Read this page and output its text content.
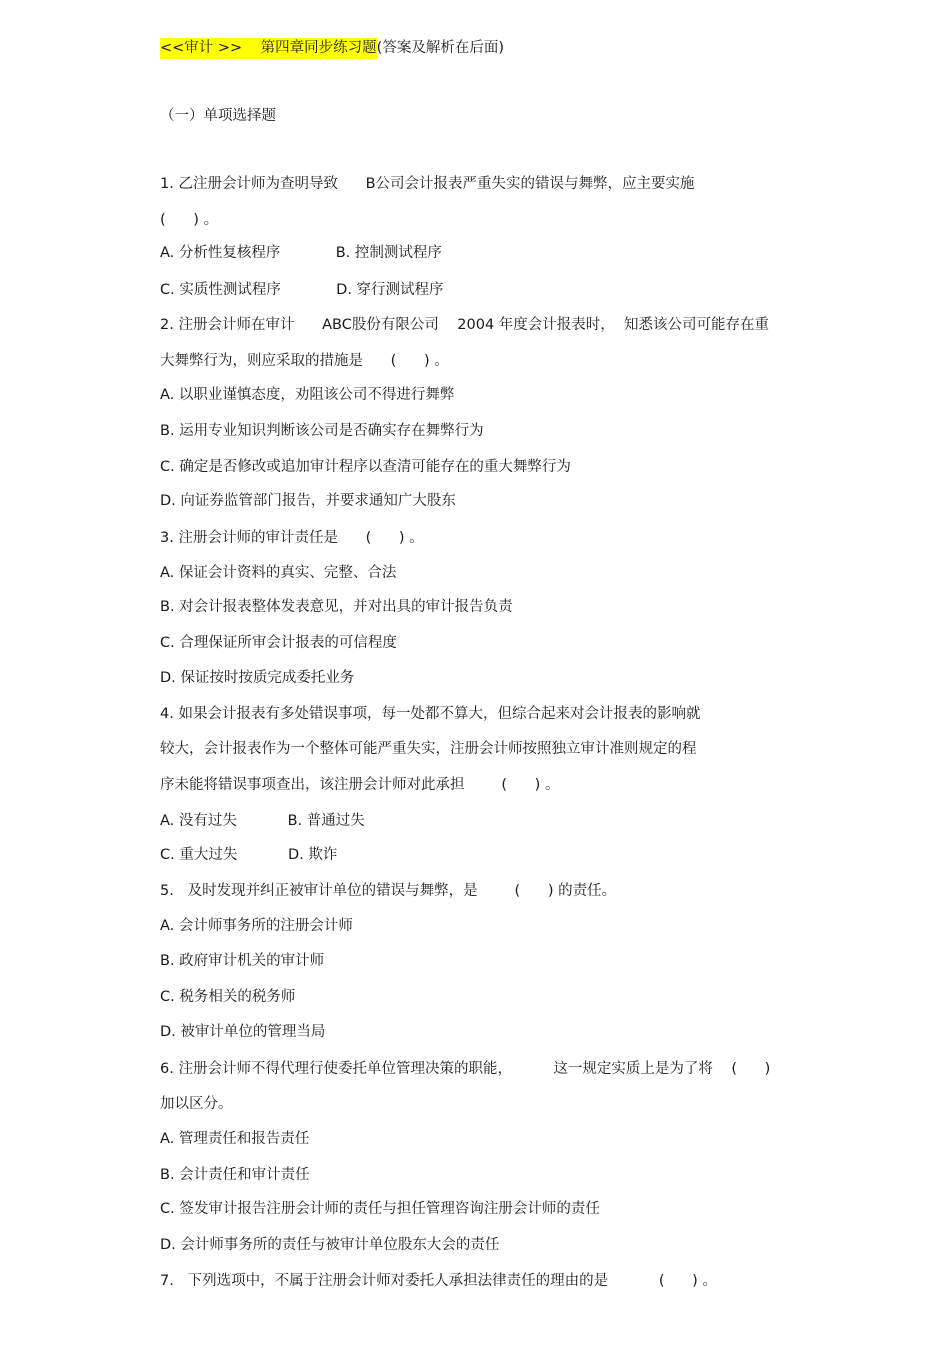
<<审计 >>    第四章同步练习题(答案及解析在后面)
（一）单项选择题
1. 乙注册会计师为查明导致      B公司会计报表严重失实的错误与舞弊，应主要实施
(      ) 。
A. 分析性复核程序            B. 控制测试程序
C. 实质性测试程序            D. 穿行测试程序
2. 注册会计师在审计      ABC股份有限公司    2004 年度会计报表时，  知悉该公司可能存在重
大舞弊行为，则应采取的措施是      (      ) 。
A. 以职业谨慎态度，劝阻该公司不得进行舞弊
B. 运用专业知识判断该公司是否确实存在舞弊行为
C. 确定是否修改或追加审计程序以查清可能存在的重大舞弊行为
D. 向证券监管部门报告，并要求通知广大股东
3. 注册会计师的审计责任是      (      ) 。
A. 保证会计资料的真实、完整、合法
B. 对会计报表整体发表意见，并对出具的审计报告负责
C. 合理保证所审会计报表的可信程度
D. 保证按时按质完成委托业务
4. 如果会计报表有多处错误事项，每一处都不算大，但综合起来对会计报表的影响就
较大，会计报表作为一个整体可能严重失实，注册会计师按照独立审计准则规定的程
序未能将错误事项查出，该注册会计师对此承担        (      ) 。
A. 没有过失           B. 普通过失
C. 重大过失           D. 欺诈
5.   及时发现并纠正被审计单位的错误与舞弊，是        (      ) 的责任。
A. 会计师事务所的注册会计师
B. 政府审计机关的审计师
C. 税务相关的税务师
D. 被审计单位的管理当局
6. 注册会计师不得代理行使委托单位管理决策的职能，         这一规定实质上是为了将    (      )
加以区分。
A. 管理责任和报告责任
B. 会计责任和审计责任
C. 签发审计报告注册会计师的责任与担任管理咨询注册会计师的责任
D. 会计师事务所的责任与被审计单位股东大会的责任
7.   下列选项中，不属于注册会计师对委托人承担法律责任的理由的是           (      ) 。
